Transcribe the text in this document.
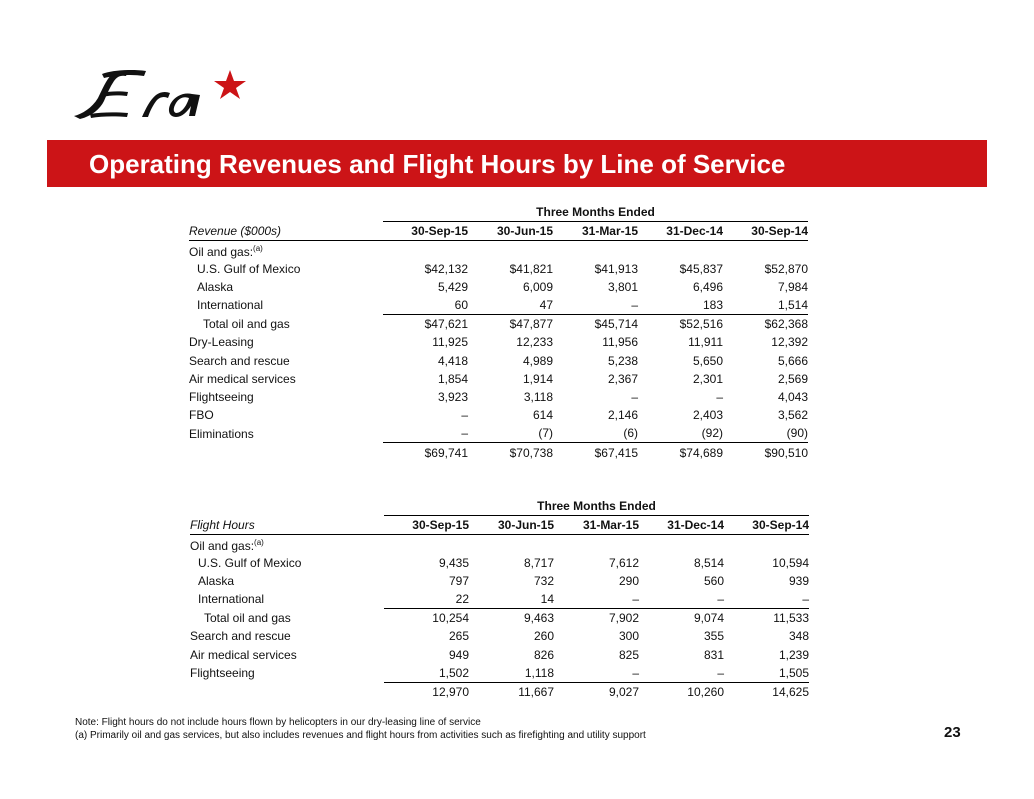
Operating Revenues and Flight Hours by Line of Service
	Three Months Ended				
Revenue ($000s)	30-Sep-15	30-Jun-15	31-Mar-15	31-Dec-14	30-Sep-14
Oil and gas:$^{(a)}$	
U.S. Gulf of Mexico	$42,132	$41,821	$41,913	$45,837	$52,870
Alaska	5,429	6,009	3,801	6,496	7,984
International	60	47	–	183	1,514
Total oil and gas	$47,621	$47,877	$45,714	$52,516	$62,368
Dry-Leasing	11,925	12,233	11,956	11,911	12,392
Search and rescue	4,418	4,989	5,238	5,650	5,666
Air medical services	1,854	1,914	2,367	2,301	2,569
Flightseeing	3,923	3,118	–	–	4,043
FBO	–	614	2,146	2,403	3,562
Eliminations	–	(7)	(6)	(92)	(90)
	$69,741	$70,738	$67,415	$74,689	$90,510
	Three Months Ended				
Flight Hours	30-Sep-15	30-Jun-15	31-Mar-15	31-Dec-14	30-Sep-14
Oil and gas:$^{(a)}$	
U.S. Gulf of Mexico	9,435	8,717	7,612	8,514	10,594
Alaska	797	732	290	560	939
International	22	14	–	–	–
Total oil and gas	10,254	9,463	7,902	9,074	11,533
Search and rescue	265	260	300	355	348
Air medical services	949	826	825	831	1,239
Flightseeing	1,502	1,118	–	–	1,505
	12,970	11,667	9,027	10,260	14,625
Note: Flight hours do not include hours flown by helicopters in our dry-leasing line of service
(a) Primarily oil and gas services, but also includes revenues and flight hours from activities such as firefighting and utility support	23
